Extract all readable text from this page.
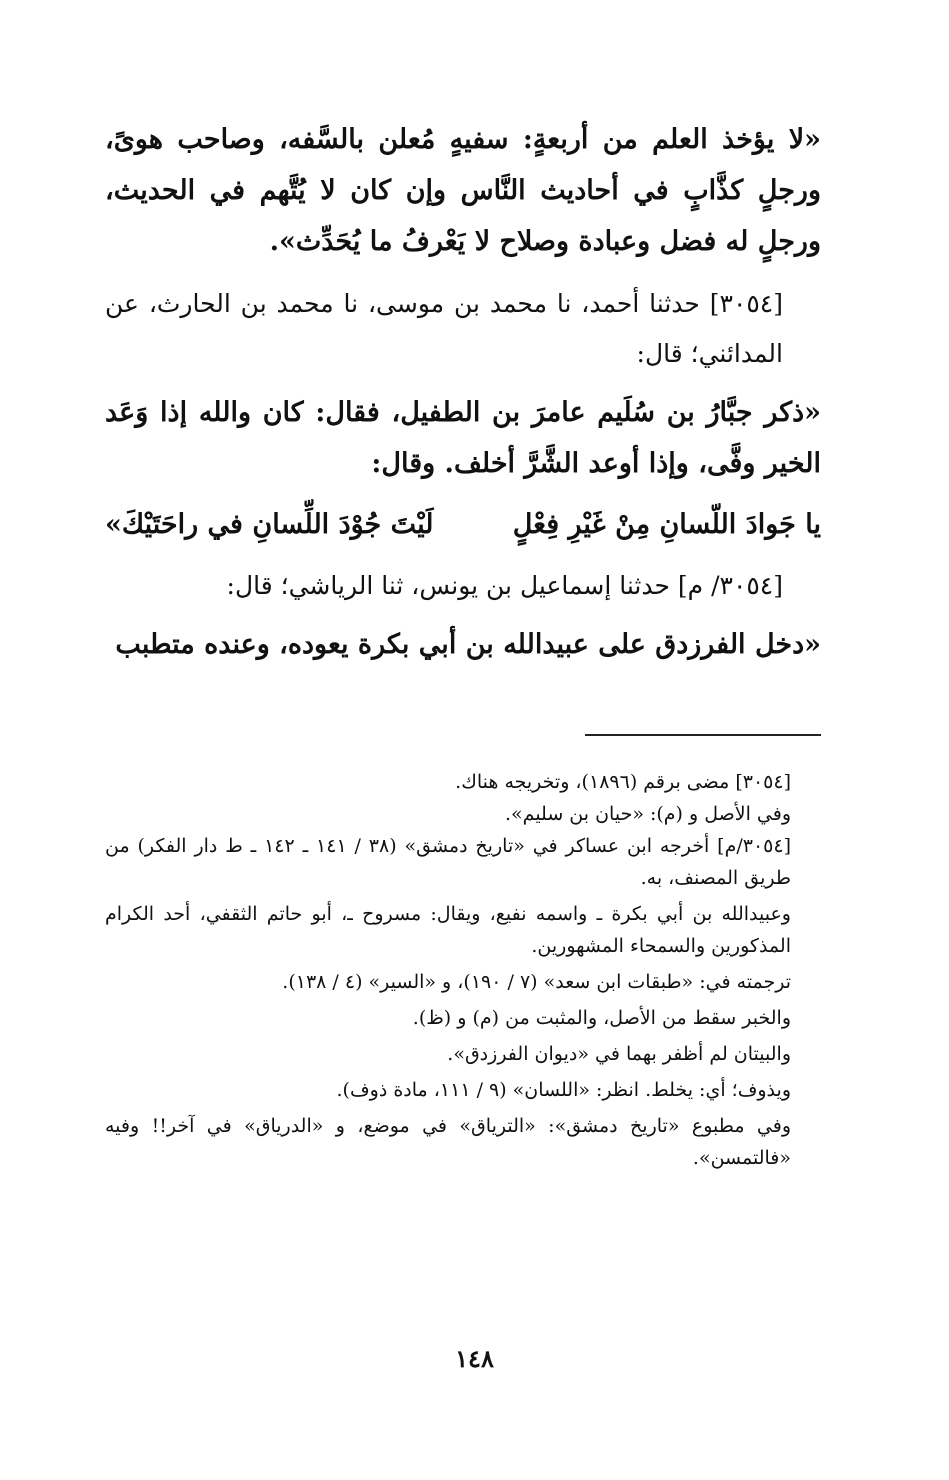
«لا يؤخذ العلم من أربعةٍ: سفيهٍ مُعلن بالسَّفه، وصاحب هوىً، ورجلٍ كذَّابٍ في أحاديث النَّاس وإن كان لا يُتَّهم في الحديث، ورجلٍ له فضل وعبادة وصلاح لا يَعْرفُ ما يُحَدِّث».

[٣٠٥٤] حدثنا أحمد، نا محمد بن موسى، نا محمد بن الحارث، عن المدائني؛ قال:

«ذكر جبَّارُ بن سُلَيم عامرَ بن الطفيل، فقال: كان والله إذا وَعَد الخير وفَّى، وإذا أوعد الشَّرَّ أخلف. وقال:

يا جَوادَ اللّسانِ مِنْ غَيْرِ فِعْلٍ
لَيْتَ جُوْدَ اللِّسانِ في راحَتَيْكَ»

[٣٠٥٤/ م] حدثنا إسماعيل بن يونس، ثنا الرياشي؛ قال:

«دخل الفرزدق على عبيدالله بن أبي بكرة يعوده، وعنده متطبب

[٣٠٥٤] مضى برقم (١٨٩٦)، وتخريجه هناك.

وفي الأصل و (م): «حيان بن سليم».

[٣٠٥٤/م] أخرجه ابن عساكر في «تاريخ دمشق» (٣٨ / ١٤١ ـ ١٤٢ ـ ط دار الفكر) من طريق المصنف، به.

وعبيدالله بن أبي بكرة ـ واسمه نفيع، ويقال: مسروح ـ، أبو حاتم الثقفي، أحد الكرام المذكورين والسمحاء المشهورين.

ترجمته في: «طبقات ابن سعد» (٧ / ١٩٠)، و «السير» (٤ / ١٣٨).

والخبر سقط من الأصل، والمثبت من (م) و (ظ).

والبيتان لم أظفر بهما في «ديوان الفرزدق».

ويذوف؛ أي: يخلط. انظر: «اللسان» (٩ / ١١١، مادة ذوف).

وفي مطبوع «تاريخ دمشق»: «الترياق» في موضع، و «الدرياق» في آخر!! وفيه «فالتمسن».

١٤٨
